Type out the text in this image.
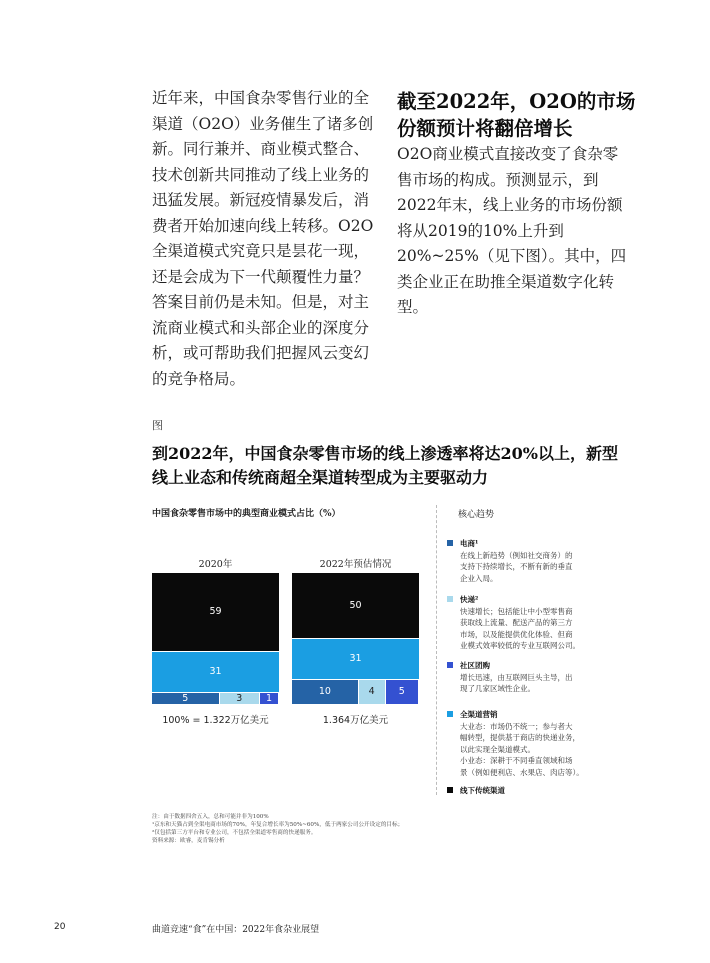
近年来，中国食杂零售行业的全渠道（O2O）业务催生了诸多创新。同行兼并、商业模式整合、技术创新共同推动了线上业务的迅猛发展。新冠疫情暴发后，消费者开始加速向线上转移。O2O全渠道模式究竟只是昙花一现，还是会成为下一代颠覆性力量？答案目前仍是未知。但是，对主流商业模式和头部企业的深度分析，或可帮助我们把握风云变幻的竞争格局。
截至2022年，O2O的市场份额预计将翻倍增长
O2O商业模式直接改变了食杂零售市场的构成。预测显示，到2022年末，线上业务的市场份额将从2019的10%上升到20%~25%（见下图）。其中，四类企业正在助推全渠道数字化转型。
图
到2022年，中国食杂零售市场的线上渗透率将达20%以上，新型线上业态和传统商超全渠道转型成为主要驱动力
中国食杂零售市场中的典型商业模式占比（%）
2020年
59
31
5	3	1
100% = 1.322万亿美元
2022年预估情况
50
31
10	4	5
1.364万亿美元
核心趋势
电商¹
在线上新趋势（例如社交商务）的
支持下持续增长，不断有新的垂直
企业入局。
快递²
快速增长；包括能让中小型零售商
获取线上流量、配送产品的第三方
市场，以及能提供优化体验、但商
业模式效率较低的专业互联网公司。
社区团购
增长迅速，由互联网巨头主导，出
现了几家区域性企业。
全渠道营销
大业态：市场仍不统一；参与者大
幅转型，提供基于商店的快递业务，
以此实现全渠道模式。
小业态：深耕于不同垂直领域和场
景（例如便利店、水果店、肉店等）。
线下传统渠道
注：由于数据四舍五入，总和可能并非为100%
¹京东和天猫占到全渠电商市场的70%，年复合增长率为50%~60%，低于两家公司公开设定的目标；
²仅包括第三方平台和专业公司，不包括全渠道零售商的快递服务。
资料来源：欧睿，麦肯锡分析
20	曲道竞速“食”在中国：2022年食杂业展望
